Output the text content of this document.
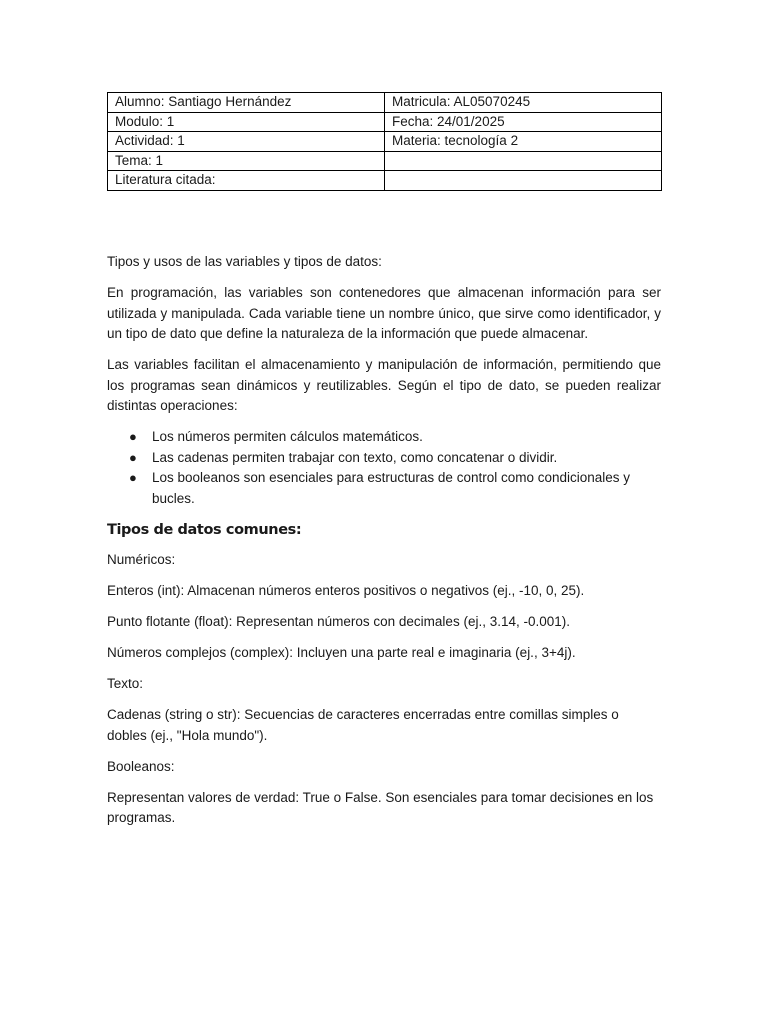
Alumno: Santiago Hernández	Matricula: AL05070245
Modulo: 1	Fecha: 24/01/2025
Actividad: 1	Materia: tecnología 2
Tema: 1	
Literatura citada:	

Tipos y usos de las variables y tipos de datos:

En programación, las variables son contenedores que almacenan información para ser utilizada y manipulada. Cada variable tiene un nombre único, que sirve como identificador, y un tipo de dato que define la naturaleza de la información que puede almacenar.

Las variables facilitan el almacenamiento y manipulación de información, permitiendo que los programas sean dinámicos y reutilizables. Según el tipo de dato, se pueden realizar distintas operaciones:

● Los números permiten cálculos matemáticos.
● Las cadenas permiten trabajar con texto, como concatenar o dividir.
● Los booleanos son esenciales para estructuras de control como condicionales y bucles.
Tipos de datos comunes:

Numéricos:

Enteros (int): Almacenan números enteros positivos o negativos (ej., -10, 0, 25).

Punto flotante (float): Representan números con decimales (ej., 3.14, -0.001).

Números complejos (complex): Incluyen una parte real e imaginaria (ej., 3+4j).

Texto:

Cadenas (string o str): Secuencias de caracteres encerradas entre comillas simples o dobles (ej., "Hola mundo").

Booleanos:

Representan valores de verdad: True o False. Son esenciales para tomar decisiones en los programas.
